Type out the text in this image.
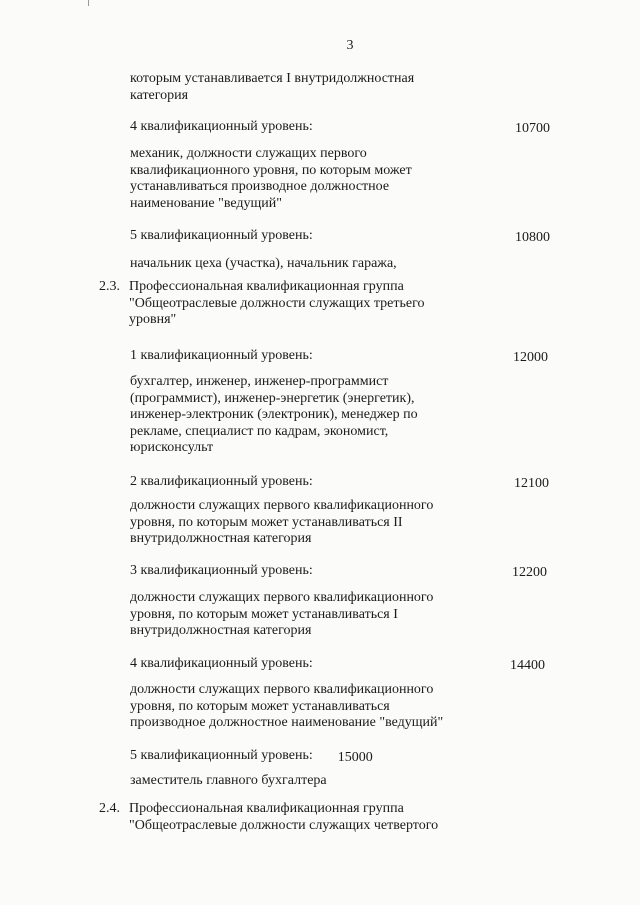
3
которым устанавливается I внутридолжностная
категория
4 квалификационный уровень:	10700
механик, должности служащих первого
квалификационного уровня, по которым может
устанавливаться производное должностное
наименование "ведущий"
5 квалификационный уровень:	10800
начальник цеха (участка), начальник гаража,
2.3. Профессиональная квалификационная группа
"Общеотраслевые должности служащих третьего
уровня"
1 квалификационный уровень:	12000
бухгалтер, инженер, инженер-программист
(программист), инженер-энергетик (энергетик),
инженер-электроник (электроник), менеджер по
рекламе, специалист по кадрам, экономист,
юрисконсульт
2 квалификационный уровень:	12100
должности служащих первого квалификационного
уровня, по которым может устанавливаться II
внутридолжностная категория
3 квалификационный уровень:	12200
должности служащих первого квалификационного
уровня, по которым может устанавливаться I
внутридолжностная категория
4 квалификационный уровень:	14400
должности служащих первого квалификационного
уровня, по которым может устанавливаться
производное должностное наименование "ведущий"
5 квалификационный уровень:	15000
заместитель главного бухгалтера
2.4. Профессиональная квалификационная группа
"Общеотраслевые должности служащих четвертого
